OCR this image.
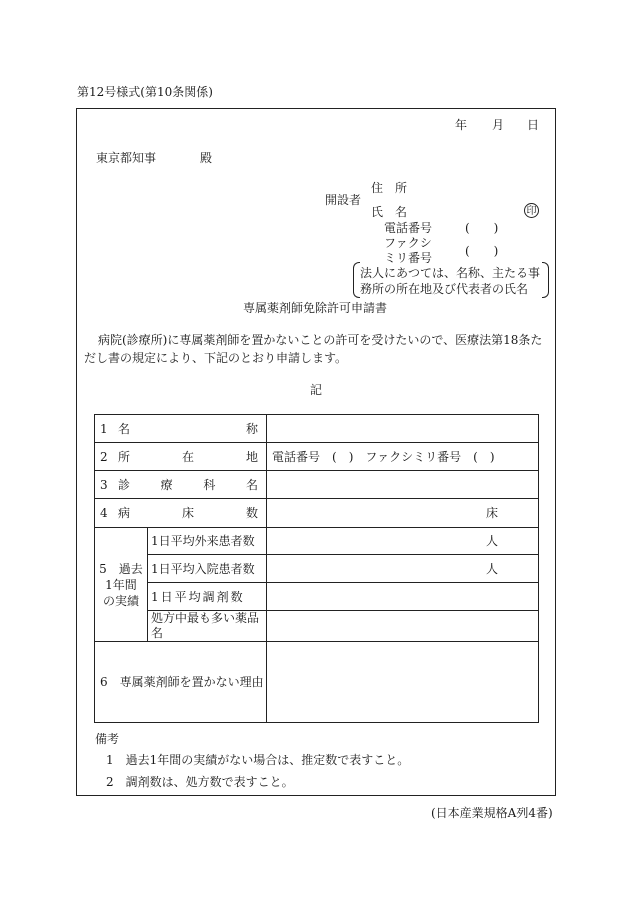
第12号様式(第10条関係)
年 月 日
東京都知事	殿
住　所
開設者
氏　名	印
電話番号	(　　)
ファクシ
(　　)
ミリ番号
法人にあつては、名称、主たる事
務所の所在地及び代表者の氏名
専属薬剤師免除許可申請書
病院(診療所)に専属薬剤師を置かないことの許可を受けたいので、医療法第18条ただし書の規定により、下記のとおり申請します。
記
1 名 称		

2 所 在 地		電話番号　(　)　ファクシミリ番号　(　)

3 診 療 科 名		

4 病 床 数		床

5　過去
1年間
の実績	1日平均外来患者数	人
	1日平均入院患者数	人
	1日平均調剤数	

	処方中最も多い薬品
名	

6　専属薬剤師を置かない理由		
備考
1　過去1年間の実績がない場合は、推定数で表すこと。
2　調剤数は、処方数で表すこと。
(日本産業規格A列4番)
